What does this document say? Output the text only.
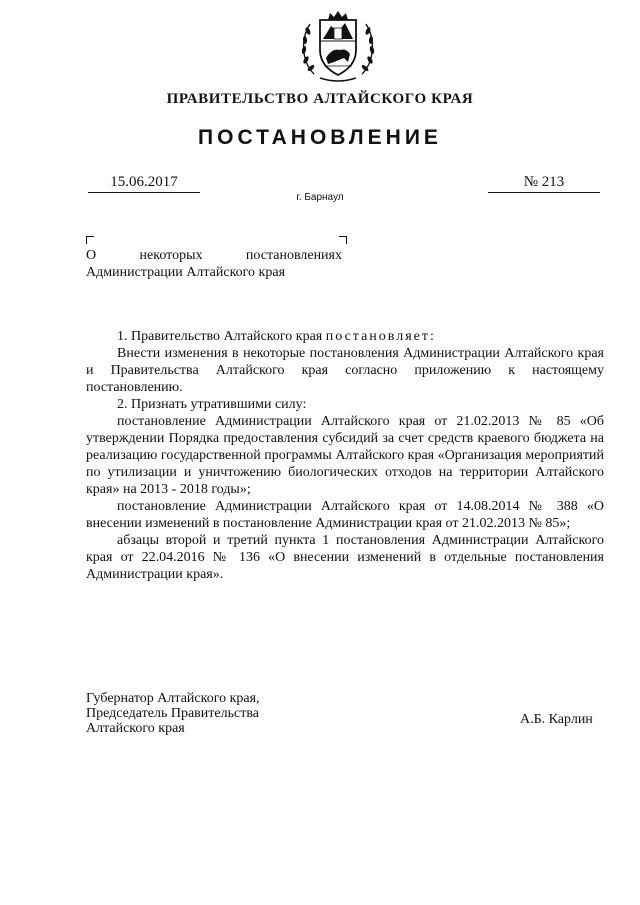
ПРАВИТЕЛЬСТВО АЛТАЙСКОГО КРАЯ
ПОСТАНОВЛЕНИЕ
15.06.2017	№ 213
г. Барнаул
О некоторых постановлениях Администрации Алтайского края

1. Правительство Алтайского края постановляет:

Внести изменения в некоторые постановления Администрации Алтайского края и Правительства Алтайского края согласно приложению к настоящему постановлению.

2. Признать утратившими силу:

постановление Администрации Алтайского края от 21.02.2013 № 85 «Об утверждении Порядка предоставления субсидий за счет средств краевого бюджета на реализацию государственной программы Алтайского края «Организация мероприятий по утилизации и уничтожению биологических отходов на территории Алтайского края» на 2013 - 2018 годы»;

постановление Администрации Алтайского края от 14.08.2014 № 388 «О внесении изменений в постановление Администрации края от 21.02.2013 № 85»;

абзацы второй и третий пункта 1 постановления Администрации Алтайского края от 22.04.2016 № 136 «О внесении изменений в отдельные постановления Администрации края».

Губернатор Алтайского края,
Председатель Правительства
Алтайского края
А.Б. Карлин
